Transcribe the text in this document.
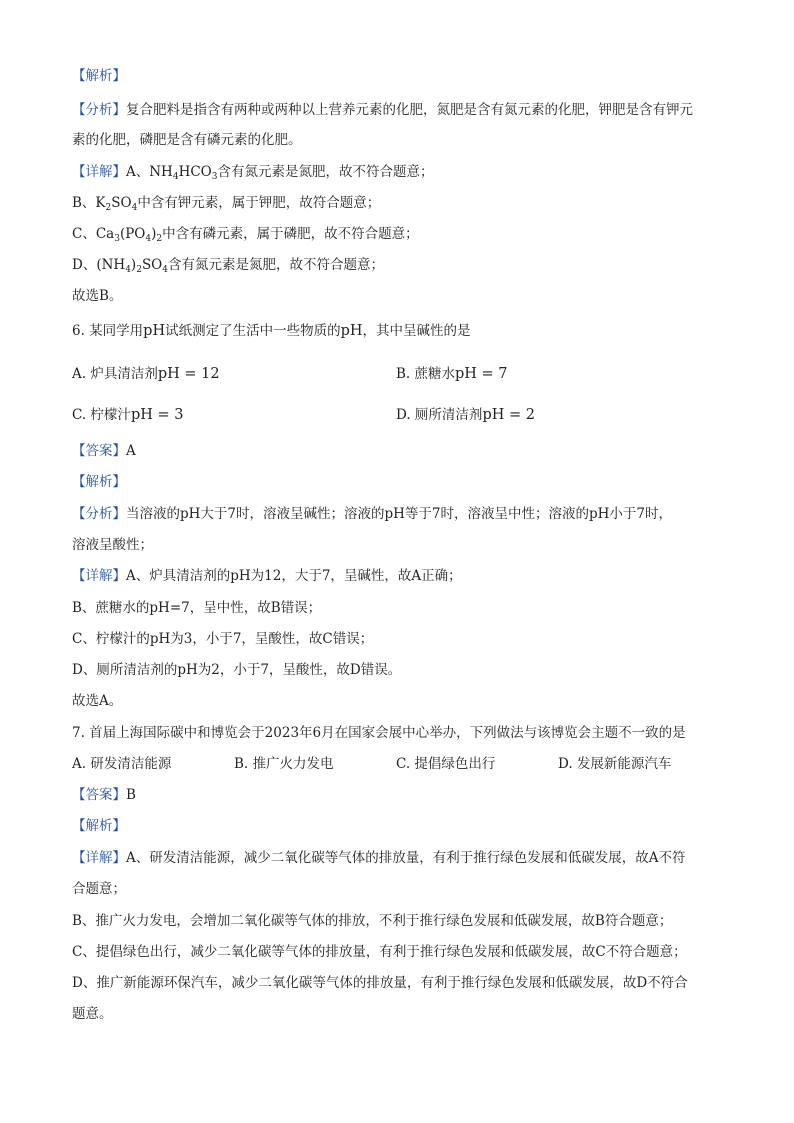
【解析】
【分析】复合肥料是指含有两种或两种以上营养元素的化肥，氮肥是含有氮元素的化肥，钾肥是含有钾元
素的化肥，磷肥是含有磷元素的化肥。
【详解】A、$NH_4HCO_3$含有氮元素是氮肥，故不符合题意；
B、$K_2SO_4$中含有钾元素，属于钾肥，故符合题意；
C、$Ca_3(PO_4)_2$中含有磷元素，属于磷肥，故不符合题意；
D、$(NH_4)_2SO_4$含有氮元素是氮肥，故不符合题意；
故选B。
6. 某同学用pH试纸测定了生活中一些物质的pH，其中呈碱性的是
A. 炉具清洁剂pH = 12	B. 蔗糖水pH = 7
C. 柠檬汁pH = 3	D. 厕所清洁剂pH = 2
【答案】A
【解析】
【分析】当溶液的pH大于7时，溶液呈碱性；溶液的pH等于7时，溶液呈中性；溶液的pH小于7时，
溶液呈酸性；
【详解】A、炉具清洁剂的pH为12，大于7，呈碱性，故A正确；
B、蔗糖水的pH=7，呈中性，故B错误；
C、柠檬汁的pH为3，小于7，呈酸性，故C错误；
D、厕所清洁剂的pH为2，小于7，呈酸性，故D错误。
故选A。
7. 首届上海国际碳中和博览会于2023年6月在国家会展中心举办，下列做法与该博览会主题不一致的是
A. 研发清洁能源	B. 推广火力发电	C. 提倡绿色出行	D. 发展新能源汽车
【答案】B
【解析】
【详解】A、研发清洁能源，减少二氧化碳等气体的排放量，有利于推行绿色发展和低碳发展，故A不符
合题意；
B、推广火力发电，会增加二氧化碳等气体的排放，不利于推行绿色发展和低碳发展，故B符合题意；
C、提倡绿色出行，减少二氧化碳等气体的排放量，有利于推行绿色发展和低碳发展，故C不符合题意；
D、推广新能源环保汽车，减少二氧化碳等气体的排放量，有利于推行绿色发展和低碳发展，故D不符合
题意。
